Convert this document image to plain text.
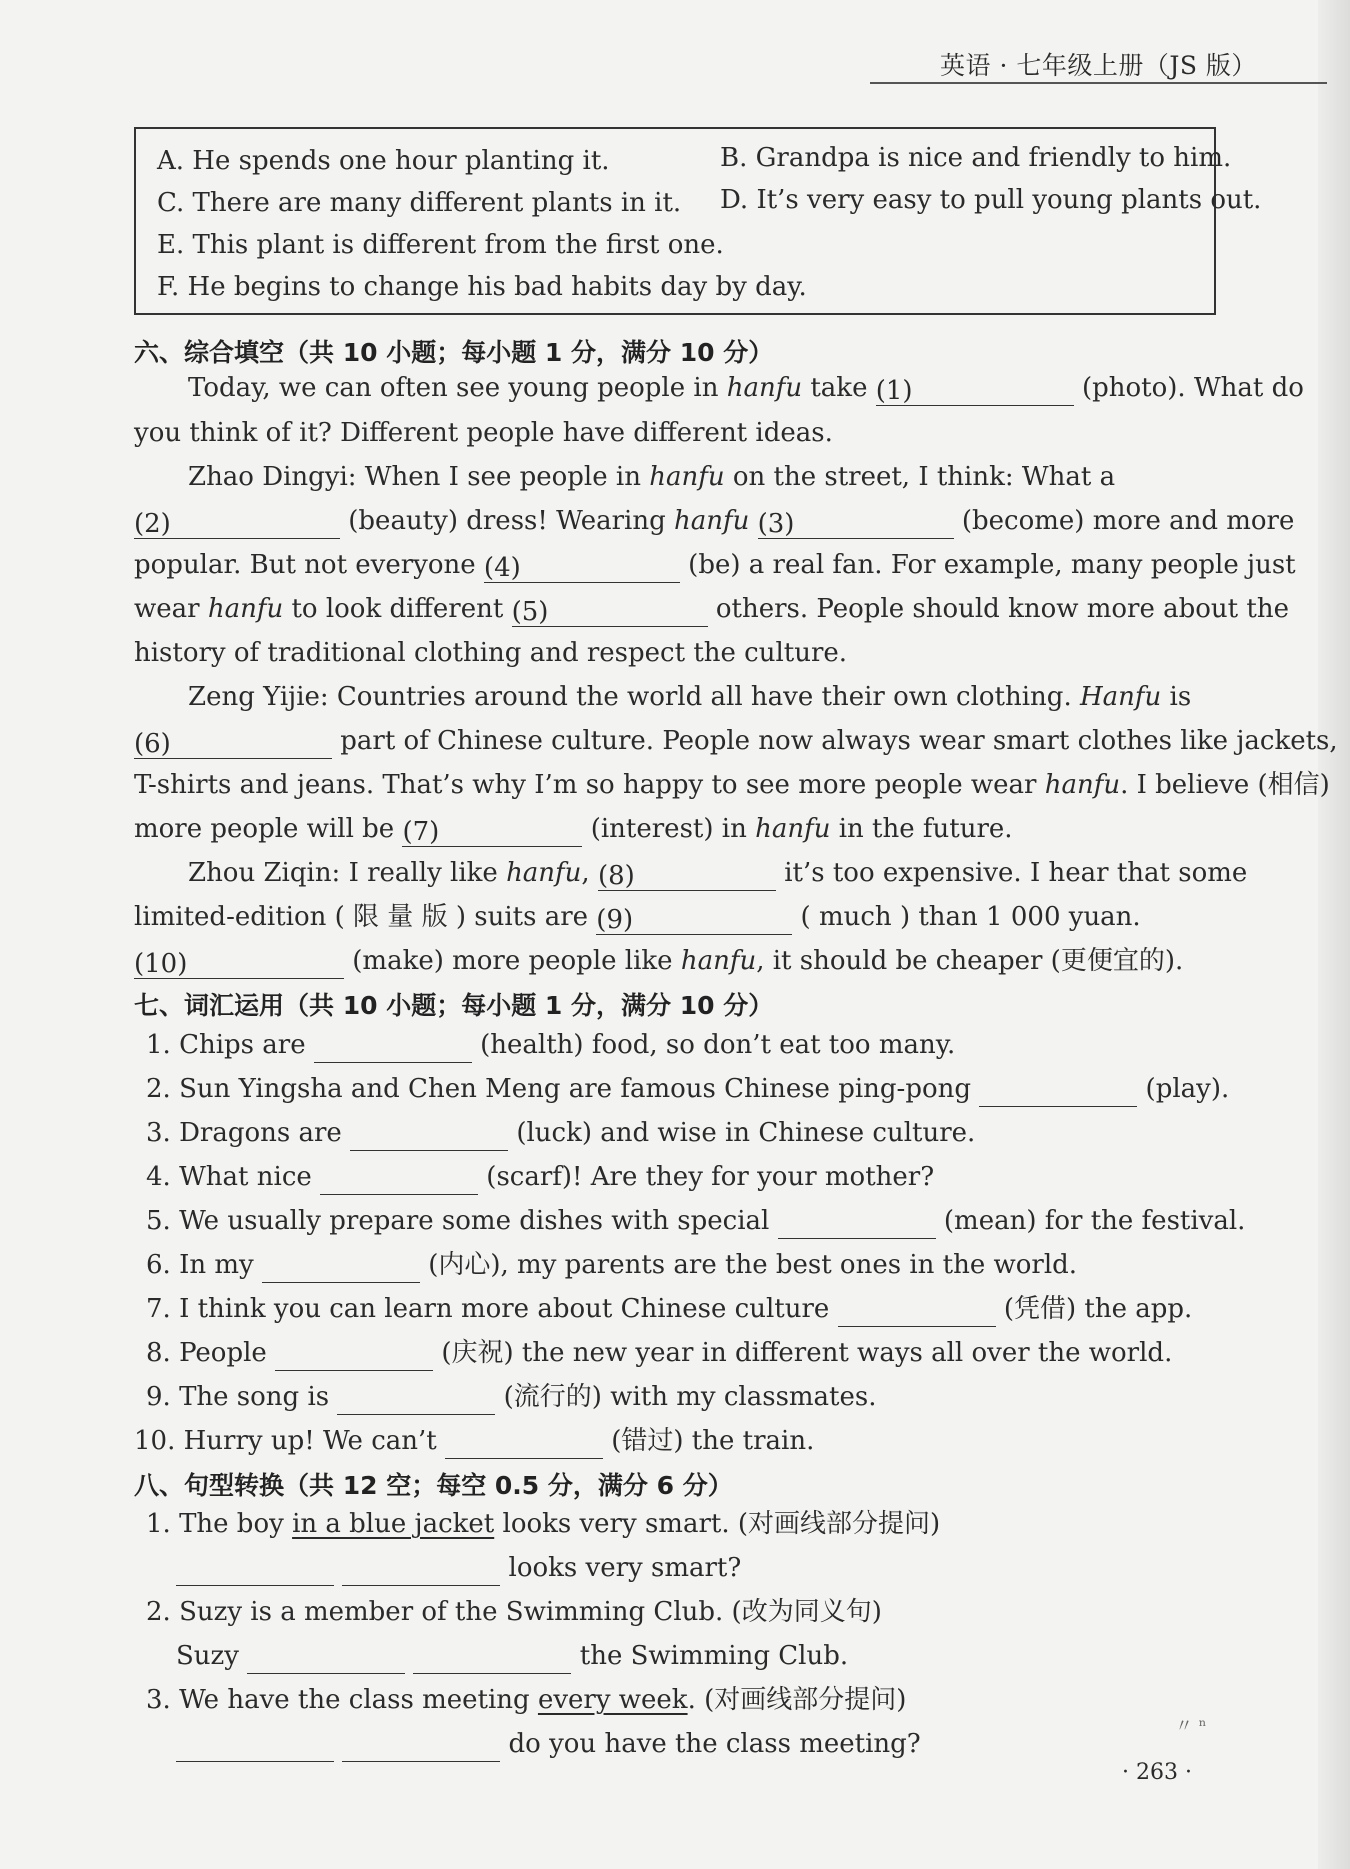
英语 · 七年级上册（JS 版）
A. He spends one hour planting it.	B. Grandpa is nice and friendly to him.
C. There are many different plants in it. D. It’s very easy to pull young plants out.
E. This plant is different from the first one.
F. He begins to change his bad habits day by day.
六、综合填空（共 10 小题；每小题 1 分，满分 10 分）
Today, we can often see young people in hanfu take (1)	(photo). What do
you think of it? Different people have different ideas.
Zhao Dingyi: When I see people in hanfu on the street, I think: What a
(2)	(beauty) dress! Wearing hanfu (3)	(become) more and more
popular. But not everyone (4)	(be) a real fan. For example, many people just
wear hanfu to look different (5)	others. People should know more about the
history of traditional clothing and respect the culture.
Zeng Yijie: Countries around the world all have their own clothing. Hanfu is
(6)	part of Chinese culture. People now always wear smart clothes like jackets,
T-shirts and jeans. That’s why I’m so happy to see more people wear hanfu. I believe (相信)
more people will be (7)	(interest) in hanfu in the future.
Zhou Ziqin: I really like hanfu, (8)	it’s too expensive. I hear that some
limited-edition ( 限 量 版 ) suits are (9)	( much ) than 1 000 yuan.
(10)	(make) more people like hanfu, it should be cheaper (更便宜的).
七、词汇运用（共 10 小题；每小题 1 分，满分 10 分）
1. Chips are	(health) food, so don’t eat too many.
2. Sun Yingsha and Chen Meng are famous Chinese ping-pong	(play).
3. Dragons are	(luck) and wise in Chinese culture.
4. What nice	(scarf)! Are they for your mother?
5. We usually prepare some dishes with special	(mean) for the festival.
6. In my	(内心), my parents are the best ones in the world.
7. I think you can learn more about Chinese culture	(凭借) the app.
8. People	(庆祝) the new year in different ways all over the world.
9. The song is	(流行的) with my classmates.
10. Hurry up! We can’t	(错过) the train.
八、句型转换（共 12 空；每空 0.5 分，满分 6 分）
1. The boy in a blue jacket looks very smart. (对画线部分提问)
looks very smart?
2. Suzy is a member of the Swimming Club. (改为同义句)
Suzy	the Swimming Club.
3. We have the class meeting every week. (对画线部分提问)
do you have the class meeting?
〃 ⁿ
· 263 ·
